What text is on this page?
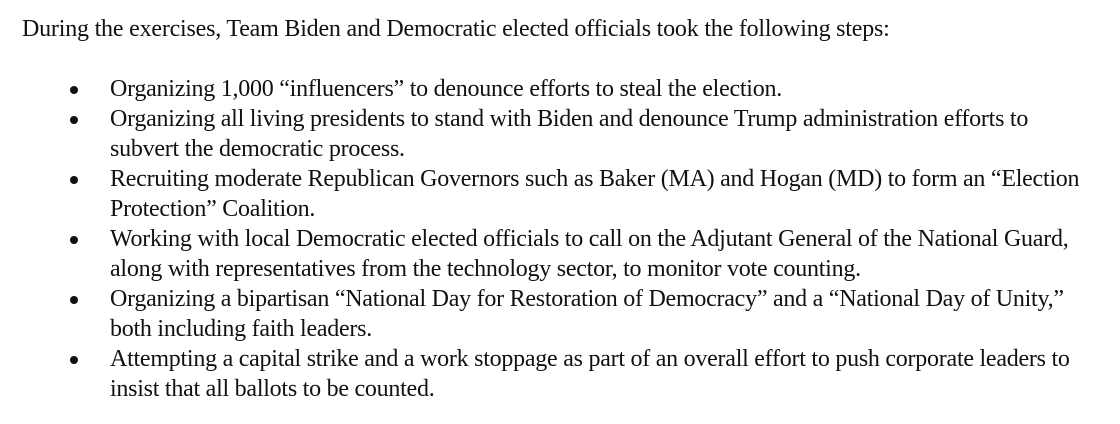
During the exercises, Team Biden and Democratic elected officials took the following steps:
Organizing 1,000 “influencers” to denounce efforts to steal the election.
Organizing all living presidents to stand with Biden and denounce Trump administration efforts to subvert the democratic process.
Recruiting moderate Republican Governors such as Baker (MA) and Hogan (MD) to form an “Election Protection” Coalition.
Working with local Democratic elected officials to call on the Adjutant General of the National Guard, along with representatives from the technology sector, to monitor vote counting.
Organizing a bipartisan “National Day for Restoration of Democracy” and a “National Day of Unity,” both including faith leaders.
Attempting a capital strike and a work stoppage as part of an overall effort to push corporate leaders to insist that all ballots to be counted.
